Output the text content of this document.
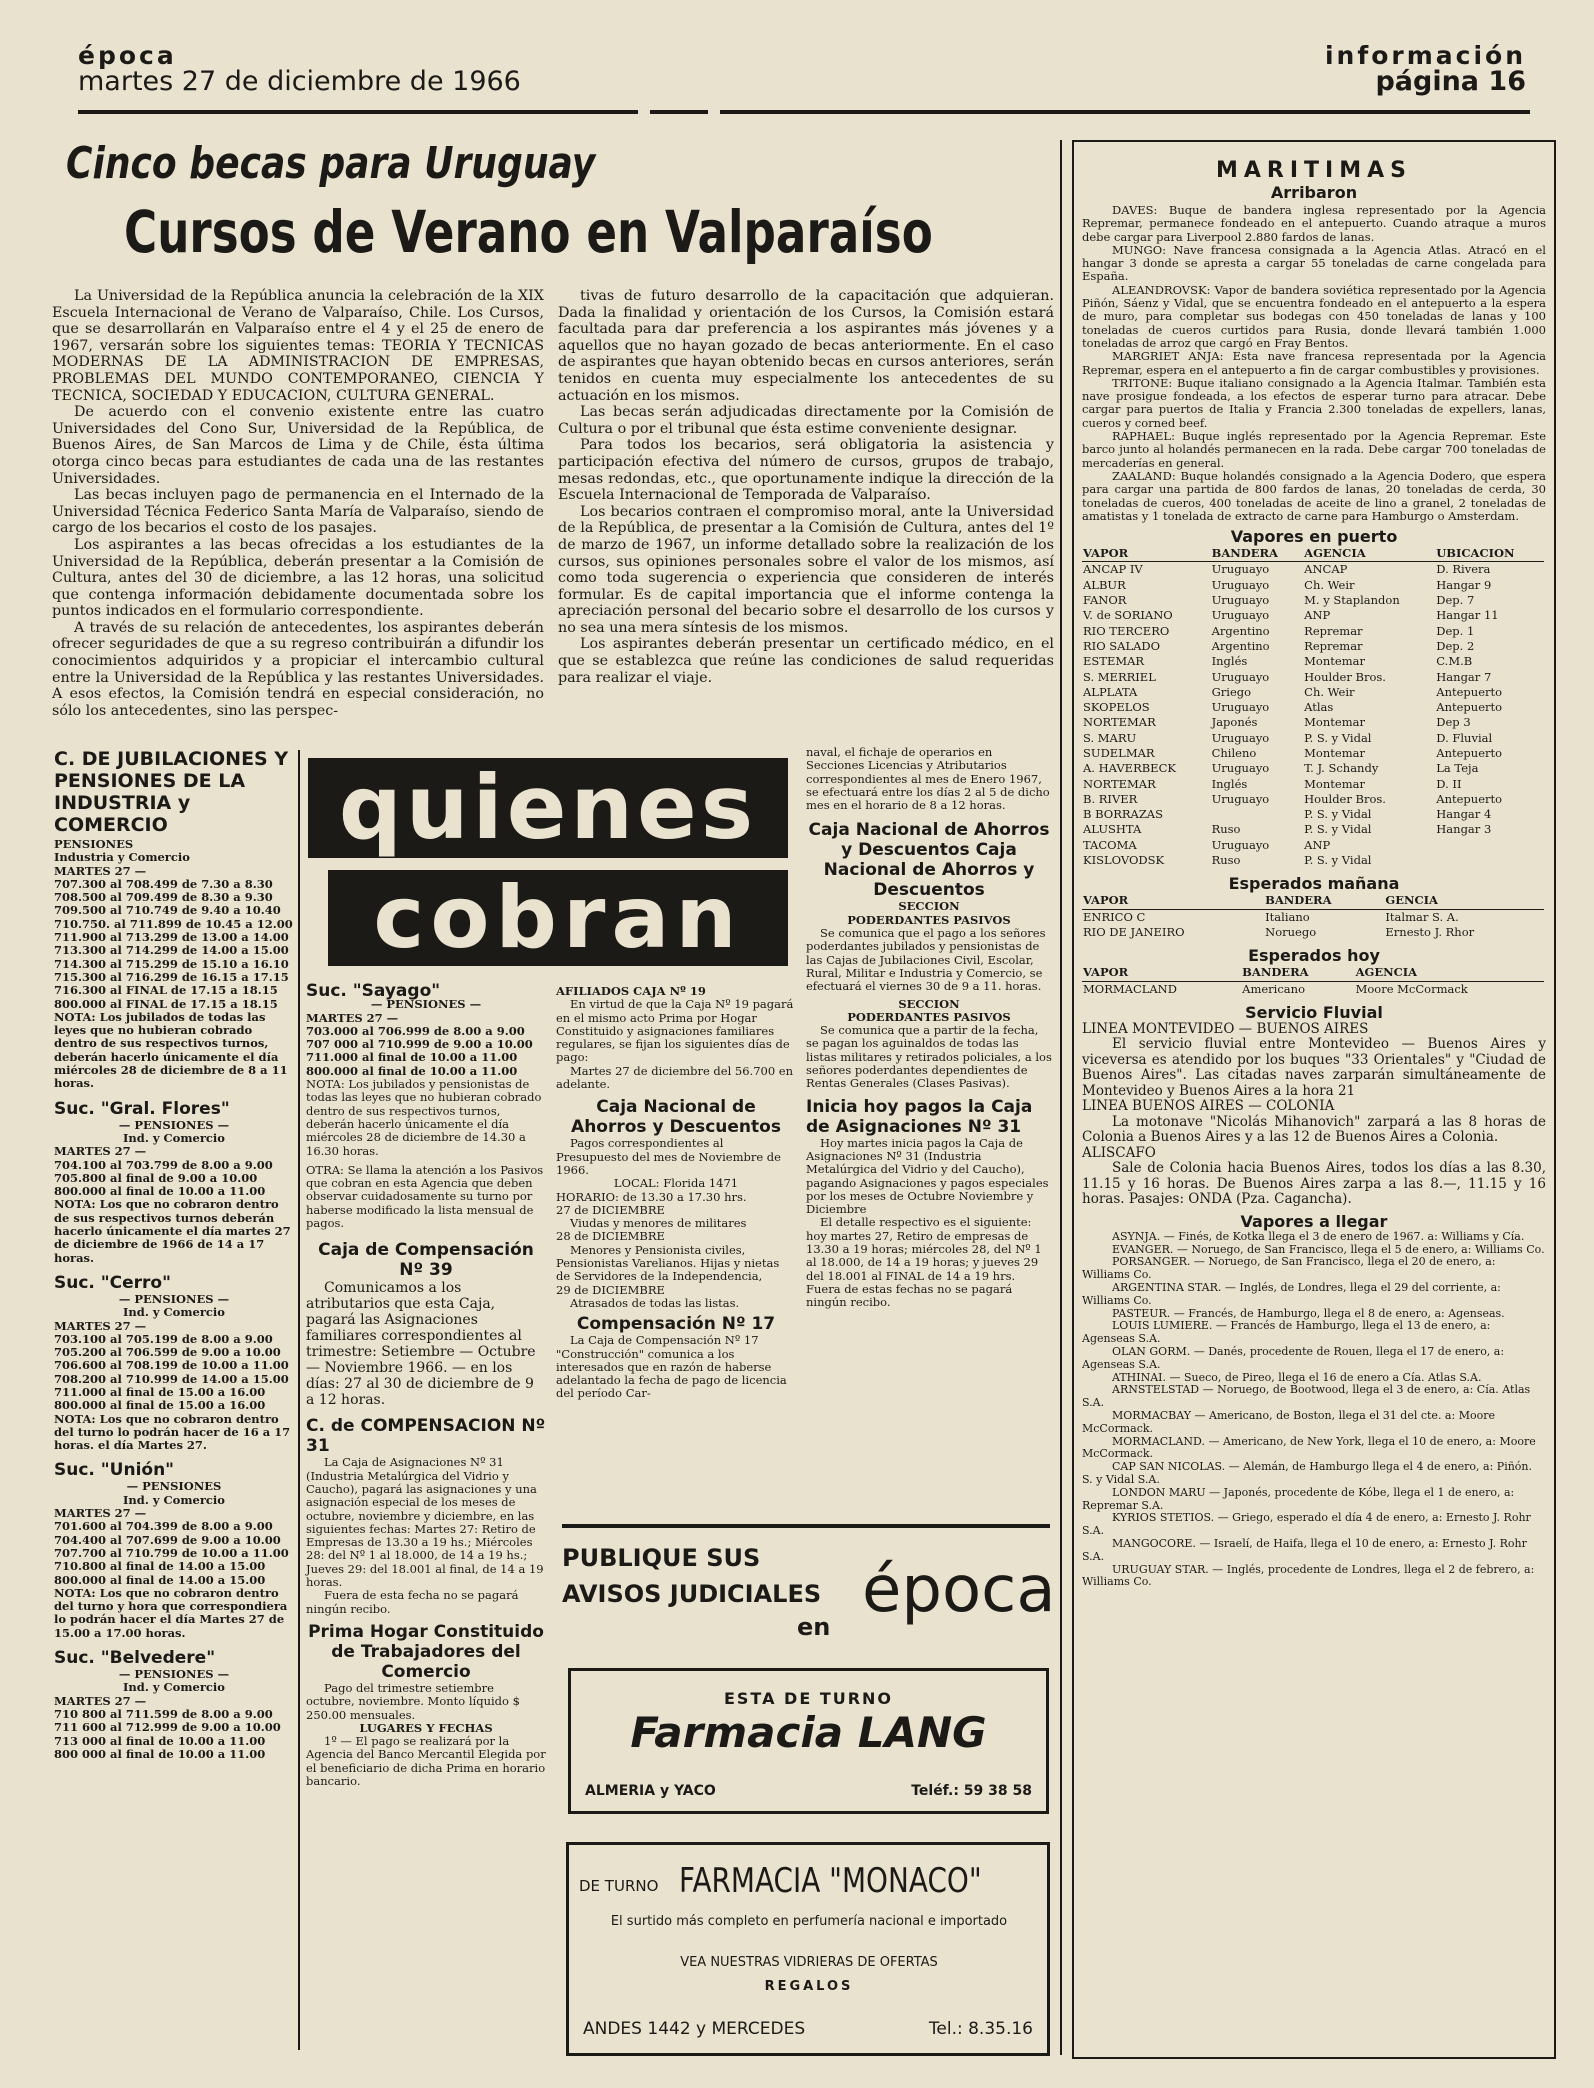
época
martes 27 de diciembre de 1966
información
página 16
Cinco becas para Uruguay
Cursos de Verano en Valparaíso

La Universidad de la República anuncia la celebración de la XIX Escuela Internacional de Verano de Valparaíso, Chile. Los Cursos, que se desarrollarán en Valparaíso entre el 4 y el 25 de enero de 1967, versarán sobre los siguientes temas: TEORIA Y TECNICAS MODERNAS DE LA ADMINISTRACION DE EMPRESAS, PROBLEMAS DEL MUNDO CONTEMPORANEO, CIENCIA Y TECNICA, SOCIEDAD Y EDUCACION, CULTURA GENERAL.

De acuerdo con el convenio existente entre las cuatro Universidades del Cono Sur, Universidad de la República, de Buenos Aires, de San Marcos de Lima y de Chile, ésta última otorga cinco becas para estudiantes de cada una de las restantes Universidades.

Las becas incluyen pago de permanencia en el Internado de la Universidad Técnica Federico Santa María de Valparaíso, siendo de cargo de los becarios el costo de los pasajes.

Los aspirantes a las becas ofrecidas a los estudiantes de la Universidad de la República, deberán presentar a la Comisión de Cultura, antes del 30 de diciembre, a las 12 horas, una solicitud que contenga información debidamente documentada sobre los puntos indicados en el formulario correspondiente.

A través de su relación de antecedentes, los aspirantes deberán ofrecer seguridades de que a su regreso contribuirán a difundir los conocimientos adquiridos y a propiciar el intercambio cultural entre la Universidad de la República y las restantes Universidades. A esos efectos, la Comisión tendrá en especial consideración, no sólo los antecedentes, sino las perspec-

tivas de futuro desarrollo de la capacitación que adquieran. Dada la finalidad y orientación de los Cursos, la Comisión estará facultada para dar preferencia a los aspirantes más jóvenes y a aquellos que no hayan gozado de becas anteriormente. En el caso de aspirantes que hayan obtenido becas en cursos anteriores, serán tenidos en cuenta muy especialmente los antecedentes de su actuación en los mismos.

Las becas serán adjudicadas directamente por la Comisión de Cultura o por el tribunal que ésta estime conveniente designar.

Para todos los becarios, será obligatoria la asistencia y participación efectiva del número de cursos, grupos de trabajo, mesas redondas, etc., que oportunamente indique la dirección de la Escuela Internacional de Temporada de Valparaíso.

Los becarios contraen el compromiso moral, ante la Universidad de la República, de presentar a la Comisión de Cultura, antes del 1º de marzo de 1967, un informe detallado sobre la realización de los cursos, sus opiniones personales sobre el valor de los mismos, así como toda sugerencia o experiencia que consideren de interés formular. Es de capital importancia que el informe contenga la apreciación personal del becario sobre el desarrollo de los cursos y no sea una mera síntesis de los mismos.

Los aspirantes deberán presentar un certificado médico, en el que se establezca que reúne las condiciones de salud requeridas para realizar el viaje.

C. DE JUBILACIONES Y PENSIONES DE LA INDUSTRIA y COMERCIO
PENSIONES
Industria y Comercio
MARTES 27 —
707.300 al 708.499 de 7.30 a 8.30
708.500 al 709.499 de 8.30 a 9.30
709.500 al 710.749 de 9.40 a 10.40
710.750. al 711.899 de 10.45 a 12.00
711.900 al 713.299 de 13.00 a 14.00
713.300 al 714.299 de 14.00 a 15.00
714.300 al 715.299 de 15.10 a 16.10
715.300 al 716.299 de 16.15 a 17.15
716.300 al FINAL de 17.15 a 18.15
800.000 al FINAL de 17.15 a 18.15
NOTA: Los jubilados de todas las leyes que no hubieran cobrado dentro de sus respectivos turnos, deberán hacerlo únicamente el día miércoles 28 de diciembre de 8 a 11 horas.
Suc. "Gral. Flores"
— PENSIONES —
Ind. y Comercio
MARTES 27 —
704.100 al 703.799 de 8.00 a 9.00
705.800 al final de 9.00 a 10.00
800.000 al final de 10.00 a 11.00
NOTA: Los que no cobraron dentro de sus respectivos turnos deberán hacerlo únicamente el día martes 27 de diciembre de 1966 de 14 a 17 horas.
Suc. "Cerro"
— PENSIONES —
Ind. y Comercio
MARTES 27 —
703.100 al 705.199 de 8.00 a 9.00
705.200 al 706.599 de 9.00 a 10.00
706.600 al 708.199 de 10.00 a 11.00
708.200 al 710.999 de 14.00 a 15.00
711.000 al final de 15.00 a 16.00
800.000 al final de 15.00 a 16.00
NOTA: Los que no cobraron dentro del turno lo podrán hacer de 16 a 17 horas. el día Martes 27.
Suc. "Unión"
— PENSIONES
Ind. y Comercio
MARTES 27 —
701.600 al 704.399 de 8.00 a 9.00
704.400 al 707.699 de 9.00 a 10.00
707.700 al 710.799 de 10.00 a 11.00
710.800 al final de 14.00 a 15.00
800.000 al final de 14.00 a 15.00
NOTA: Los que no cobraron dentro del turno y hora que correspondiera lo podrán hacer el día Martes 27 de 15.00 a 17.00 horas.
Suc. "Belvedere"
— PENSIONES —
Ind. y Comercio
MARTES 27 —
710 800 al 711.599 de 8.00 a 9.00
711 600 al 712.999 de 9.00 a 10.00
713 000 al final de 10.00 a 11.00
800 000 al final de 10.00 a 11.00
quienes
cobran
Suc. "Sayago"
— PENSIONES —
MARTES 27 —
703.000 al 706.999 de 8.00 a 9.00
707 000 al 710.999 de 9.00 a 10.00
711.000 al final de 10.00 a 11.00
800.000 al final de 10.00 a 11.00
NOTA: Los jubilados y pensionistas de todas las leyes que no hubieran cobrado dentro de sus respectivos turnos, deberán hacerlo únicamente el día miércoles 28 de diciembre de 14.30 a 16.30 horas.
OTRA: Se llama la atención a los Pasivos que cobran en esta Agencia que deben observar cuidadosamente su turno por haberse modificado la lista mensual de pagos.
Caja de Compensación Nº 39
Comunicamos a los atributarios que esta Caja, pagará las Asignaciones familiares correspondientes al trimestre: Setiembre — Octubre — Noviembre 1966. — en los días: 27 al 30 de diciembre de 9 a 12 horas.
C. de COMPENSACION Nº 31
La Caja de Asignaciones Nº 31 (Industria Metalúrgica del Vidrio y Caucho), pagará las asignaciones y una asignación especial de los meses de octubre, noviembre y diciembre, en las siguientes fechas: Martes 27: Retiro de Empresas de 13.30 a 19 hs.; Miércoles 28: del Nº 1 al 18.000, de 14 a 19 hs.; Jueves 29: del 18.001 al final, de 14 a 19 horas.
Fuera de esta fecha no se pagará ningún recibo.
Prima Hogar Constituido de Trabajadores del Comercio
Pago del trimestre setiembre octubre, noviembre. Monto líquido $ 250.00 mensuales.
LUGARES Y FECHAS
1º — El pago se realizará por la Agencia del Banco Mercantil Elegida por el beneficiario de dicha Prima en horario bancario.
AFILIADOS CAJA Nº 19
En virtud de que la Caja Nº 19 pagará en el mismo acto Prima por Hogar Constituido y asignaciones familiares regulares, se fijan los siguientes días de pago:
Martes 27 de diciembre del 56.700 en adelante.
Caja Nacional de Ahorros y Descuentos
Pagos correspondientes al Presupuesto del mes de Noviembre de 1966.
LOCAL: Florida 1471
HORARIO: de 13.30 a 17.30 hrs.
27 de DICIEMBRE
Viudas y menores de militares
28 de DICIEMBRE
Menores y Pensionista civiles, Pensionistas Varelianos. Hijas y nietas de Servidores de la Independencia,
29 de DICIEMBRE
Atrasados de todas las listas.
Compensación Nº 17
La Caja de Compensación Nº 17 "Construcción" comunica a los interesados que en razón de haberse adelantado la fecha de pago de licencia del período Car-
naval, el fichaje de operarios en Secciones Licencias y Atributarios correspondientes al mes de Enero 1967, se efectuará entre los días 2 al 5 de dicho mes en el horario de 8 a 12 horas.
Caja Nacional de Ahorros y Descuentos Caja Nacional de Ahorros y Descuentos
SECCION
PODERDANTES PASIVOS
Se comunica que el pago a los señores poderdantes jubilados y pensionistas de las Cajas de Jubilaciones Civil, Escolar, Rural, Militar e Industria y Comercio, se efectuará el viernes 30 de 9 a 11. horas.
SECCION
PODERDANTES PASIVOS
Se comunica que a partir de la fecha, se pagan los aguinaldos de todas las listas militares y retirados policiales, a los señores poderdantes dependientes de Rentas Generales (Clases Pasivas).
Inicia hoy pagos la Caja de Asignaciones Nº 31
Hoy martes inicia pagos la Caja de Asignaciones Nº 31 (Industria Metalúrgica del Vidrio y del Caucho), pagando Asignaciones y pagos especiales por los meses de Octubre Noviembre y Diciembre
El detalle respectivo es el siguiente: hoy martes 27, Retiro de empresas de 13.30 a 19 horas; miércoles 28, del Nº 1 al 18.000, de 14 a 19 horas; y jueves 29 del 18.001 al FINAL de 14 a 19 hrs. Fuera de estas fechas no se pagará ningún recibo.
PUBLIQUE SUS
AVISOS JUDICIALES
en época
ESTA DE TURNO
Farmacia LANG
ALMERIA y YACO	Teléf.: 59 38 58
DE TURNO FARMACIA "MONACO"
El surtido más completo en perfumería nacional e importado
VEA NUESTRAS VIDRIERAS DE OFERTAS
REGALOS
ANDES 1442 y MERCEDES	Tel.: 8.35.16
MARITIMAS
Arribaron
DAVES: Buque de bandera inglesa representado por la Agencia Repremar, permanece fondeado en el antepuerto. Cuando atraque a muros debe cargar para Liverpool 2.880 fardos de lanas.
MUNGO: Nave francesa consignada a la Agencia Atlas. Atracó en el hangar 3 donde se apresta a cargar 55 toneladas de carne congelada para España.
ALEANDROVSK: Vapor de bandera soviética representado por la Agencia Piñón, Sáenz y Vidal, que se encuentra fondeado en el antepuerto a la espera de muro, para completar sus bodegas con 450 toneladas de lanas y 100 toneladas de cueros curtidos para Rusia, donde llevará también 1.000 toneladas de arroz que cargó en Fray Bentos.
MARGRIET ANJA: Esta nave francesa representada por la Agencia Repremar, espera en el antepuerto a fin de cargar combustibles y provisiones.
TRITONE: Buque italiano consignado a la Agencia Italmar. También esta nave prosigue fondeada, a los efectos de esperar turno para atracar. Debe cargar para puertos de Italia y Francia 2.300 toneladas de expellers, lanas, cueros y corned beef.
RAPHAEL: Buque inglés representado por la Agencia Repremar. Este barco junto al holandés permanecen en la rada. Debe cargar 700 toneladas de mercaderías en general.
ZAALAND: Buque holandés consignado a la Agencia Dodero, que espera para cargar una partida de 800 fardos de lanas, 20 toneladas de cerda, 30 toneladas de cueros, 400 toneladas de aceite de lino a granel, 2 toneladas de amatistas y 1 tonelada de extracto de carne para Hamburgo o Amsterdam.
Vapores en puerto
VAPOR	BANDERA	AGENCIA	UBICACION
ANCAP IV	Uruguayo	ANCAP	D. Rivera
ALBUR	Uruguayo	Ch. Weir	Hangar 9
FANOR	Uruguayo	M. y Staplandon	Dep. 7
V. de SORIANO	Uruguayo	ANP	Hangar 11
RIO TERCERO	Argentino	Repremar	Dep. 1
RIO SALADO	Argentino	Repremar	Dep. 2
ESTEMAR	Inglés	Montemar	C.M.B
S. MERRIEL	Uruguayo	Houlder Bros.	Hangar 7
ALPLATA	Griego	Ch. Weir	Antepuerto
SKOPELOS	Uruguayo	Atlas	Antepuerto
NORTEMAR	Japonés	Montemar	Dep 3
S. MARU	Uruguayo	P. S. y Vidal	D. Fluvial
SUDELMAR	Chileno	Montemar	Antepuerto
A. HAVERBECK	Uruguayo	T. J. Schandy	La Teja
NORTEMAR	Inglés	Montemar	D. II
B. RIVER	Uruguayo	Houlder Bros.	Antepuerto
B BORRAZAS		P. S. y Vidal	Hangar 4
ALUSHTA	Ruso	P. S. y Vidal	Hangar 3
TACOMA	Uruguayo	ANP	
KISLOVODSK	Ruso	P. S. y Vidal	
Esperados mañana
VAPOR	BANDERA	GENCIA
ENRICO C	Italiano	Italmar S. A.
RIO DE JANEIRO	Noruego	Ernesto J. Rhor
Esperados hoy
VAPOR	BANDERA	AGENCIA
MORMACLAND	Americano	Moore McCormack
Servicio Fluvial
LINEA MONTEVIDEO — BUENOS AIRES
El servicio fluvial entre Montevideo — Buenos Aires y viceversa es atendido por los buques "33 Orientales" y "Ciudad de Buenos Aires". Las citadas naves zarparán simultáneamente de Montevideo y Buenos Aires a la hora 21
LINEA BUENOS AIRES — COLONIA
La motonave "Nicolás Mihanovich" zarpará a las 8 horas de Colonia a Buenos Aires y a las 12 de Buenos Aires a Colonia.
ALISCAFO
Sale de Colonia hacia Buenos Aires, todos los días a las 8.30, 11.15 y 16 horas. De Buenos Aires zarpa a las 8.—, 11.15 y 16 horas. Pasajes: ONDA (Pza. Cagancha).
Vapores a llegar
ASYNJA. — Finés, de Kotka llega el 3 de enero de 1967. a: Williams y Cía.
EVANGER. — Noruego, de San Francisco, llega el 5 de enero, a: Williams Co.
PORSANGER. — Noruego, de San Francisco, llega el 20 de enero, a: Williams Co.
ARGENTINA STAR. — Inglés, de Londres, llega el 29 del corriente, a: Williams Co.
PASTEUR. — Francés, de Hamburgo, llega el 8 de enero, a: Agenseas.
LOUIS LUMIERE. — Francés de Hamburgo, llega el 13 de enero, a: Agenseas S.A.
OLAN GORM. — Danés, procedente de Rouen, llega el 17 de enero, a: Agenseas S.A.
ATHINAI. — Sueco, de Pireo, llega el 16 de enero a Cía. Atlas S.A.
ARNSTELSTAD — Noruego, de Bootwood, llega el 3 de enero, a: Cía. Atlas S.A.
MORMACBAY — Americano, de Boston, llega el 31 del cte. a: Moore McCormack.
MORMACLAND. — Americano, de New York, llega el 10 de enero, a: Moore McCormack.
CAP SAN NICOLAS. — Alemán, de Hamburgo llega el 4 de enero, a: Piñón. S. y Vidal S.A.
LONDON MARU — Japonés, procedente de Kóbe, llega el 1 de enero, a: Repremar S.A.
KYRIOS STETIOS. — Griego, esperado el día 4 de enero, a: Ernesto J. Rohr S.A.
MANGOCORE. — Israelí, de Haifa, llega el 10 de enero, a: Ernesto J. Rohr S.A.
URUGUAY STAR. — Inglés, procedente de Londres, llega el 2 de febrero, a: Williams Co.
